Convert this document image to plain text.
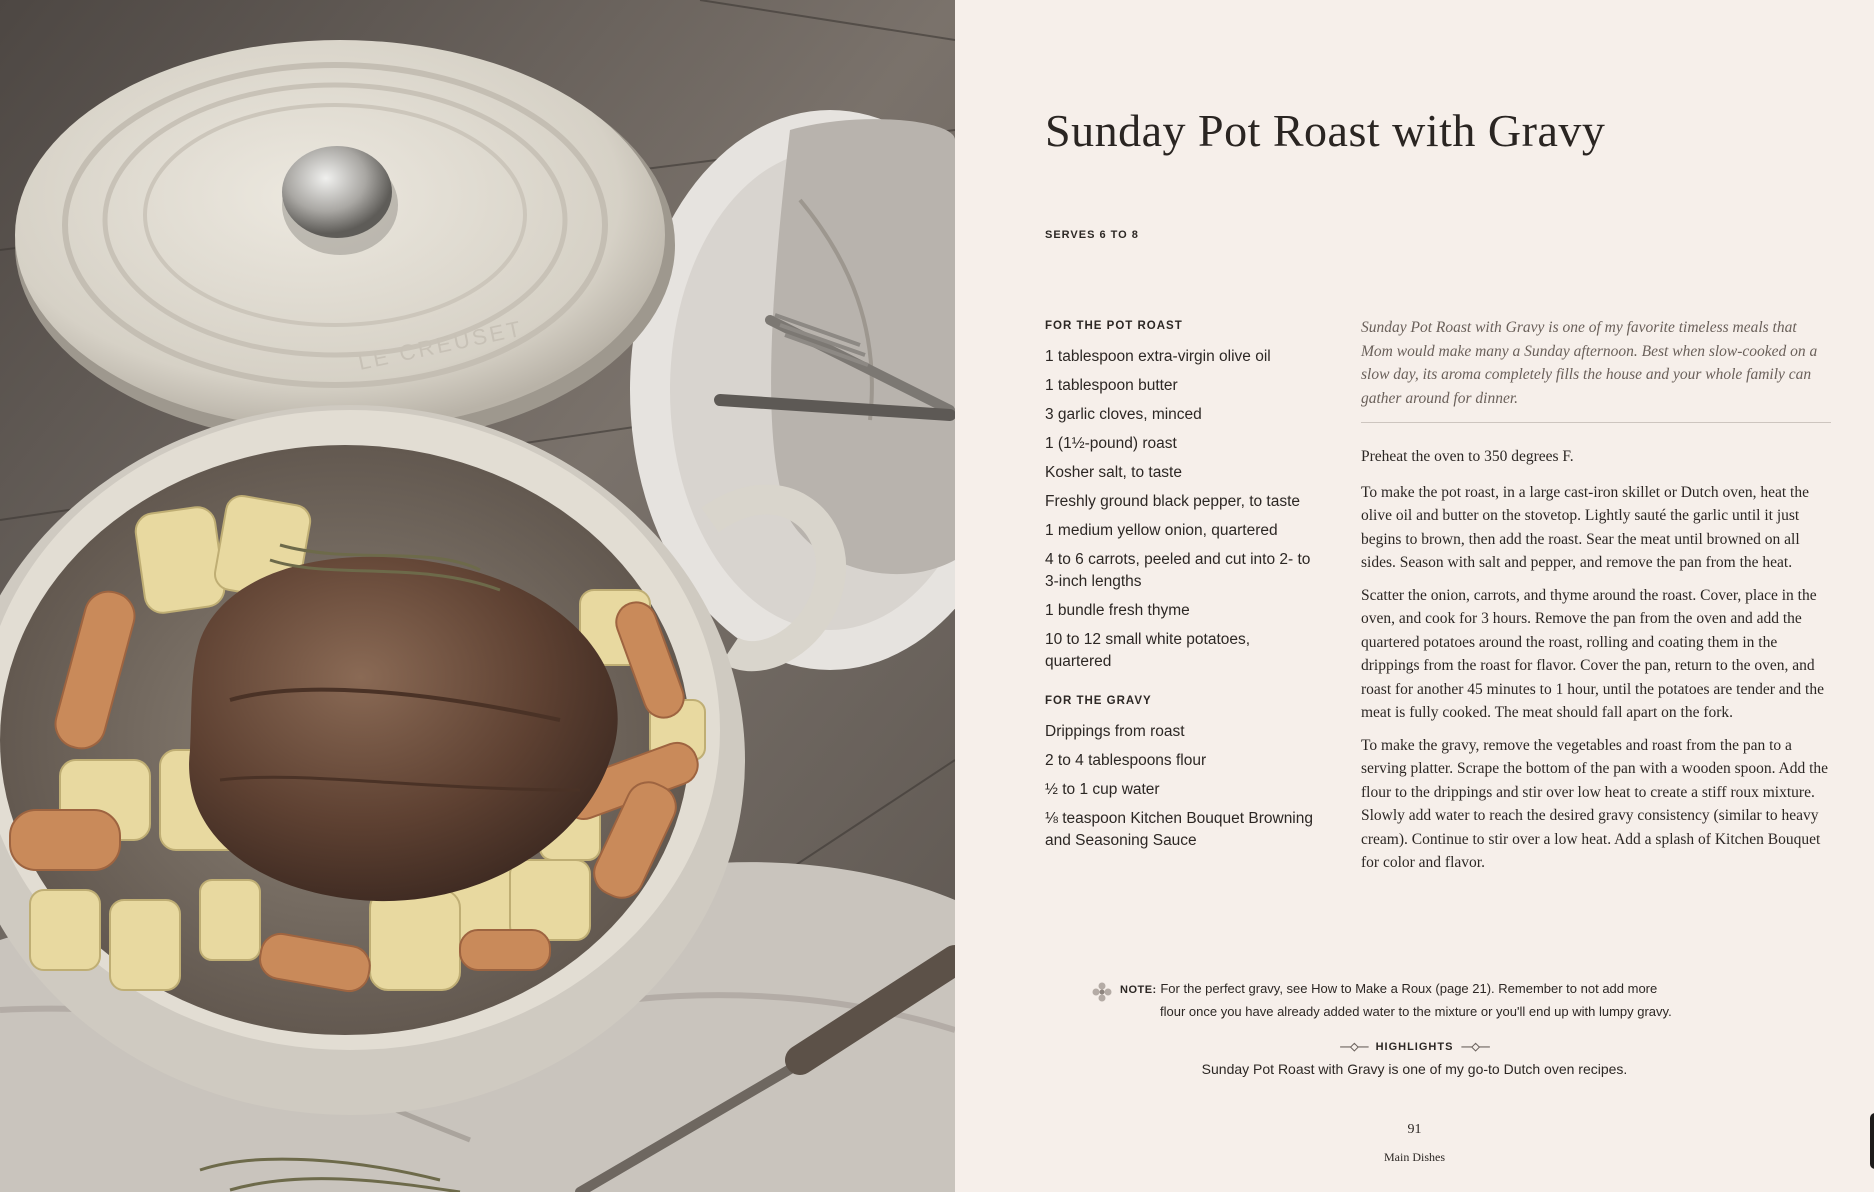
LE CREUSET
Sunday Pot Roast with Gravy
SERVES 6 TO 8
FOR THE POT ROAST
1 tablespoon extra-virgin olive oil
1 tablespoon butter
3 garlic cloves, minced
1 (1½-pound) roast
Kosher salt, to taste
Freshly ground black pepper, to taste
1 medium yellow onion, quartered
4 to 6 carrots, peeled and cut into 2- to 3-inch lengths
1 bundle fresh thyme
10 to 12 small white potatoes, quartered
FOR THE GRAVY
Drippings from roast
2 to 4 tablespoons flour
½ to 1 cup water
⅛ teaspoon Kitchen Bouquet Browning and Seasoning Sauce

Sunday Pot Roast with Gravy is one of my favorite timeless meals that Mom would make many a Sunday afternoon. Best when slow-cooked on a slow day, its aroma completely fills the house and your whole family can gather around for dinner.

Preheat the oven to 350 degrees F.

To make the pot roast, in a large cast-iron skillet or Dutch oven, heat the olive oil and butter on the stovetop. Lightly sauté the garlic until it just begins to brown, then add the roast. Sear the meat until browned on all sides. Season with salt and pepper, and remove the pan from the heat.

Scatter the onion, carrots, and thyme around the roast. Cover, place in the oven, and cook for 3 hours. Remove the pan from the oven and add the quartered potatoes around the roast, rolling and coating them in the drippings from the roast for flavor. Cover the pan, return to the oven, and roast for another 45 minutes to 1 hour, until the potatoes are tender and the meat is fully cooked. The meat should fall apart on the fork.

To make the gravy, remove the vegetables and roast from the pan to a serving platter. Scrape the bottom of the pan with a wooden spoon. Add the flour to the drippings and stir over low heat to create a stiff roux mixture. Slowly add water to reach the desired gravy consistency (similar to heavy cream). Continue to stir over a low heat. Add a splash of Kitchen Bouquet for color and flavor.

NOTE: For the perfect gravy, see How to Make a Roux (page 21). Remember to not add more
flour once you have already added water to the mixture or you'll end up with lumpy gravy.
—◇— HIGHLIGHTS —◇—
Sunday Pot Roast with Gravy is one of my go-to Dutch oven recipes.
91
Main Dishes
